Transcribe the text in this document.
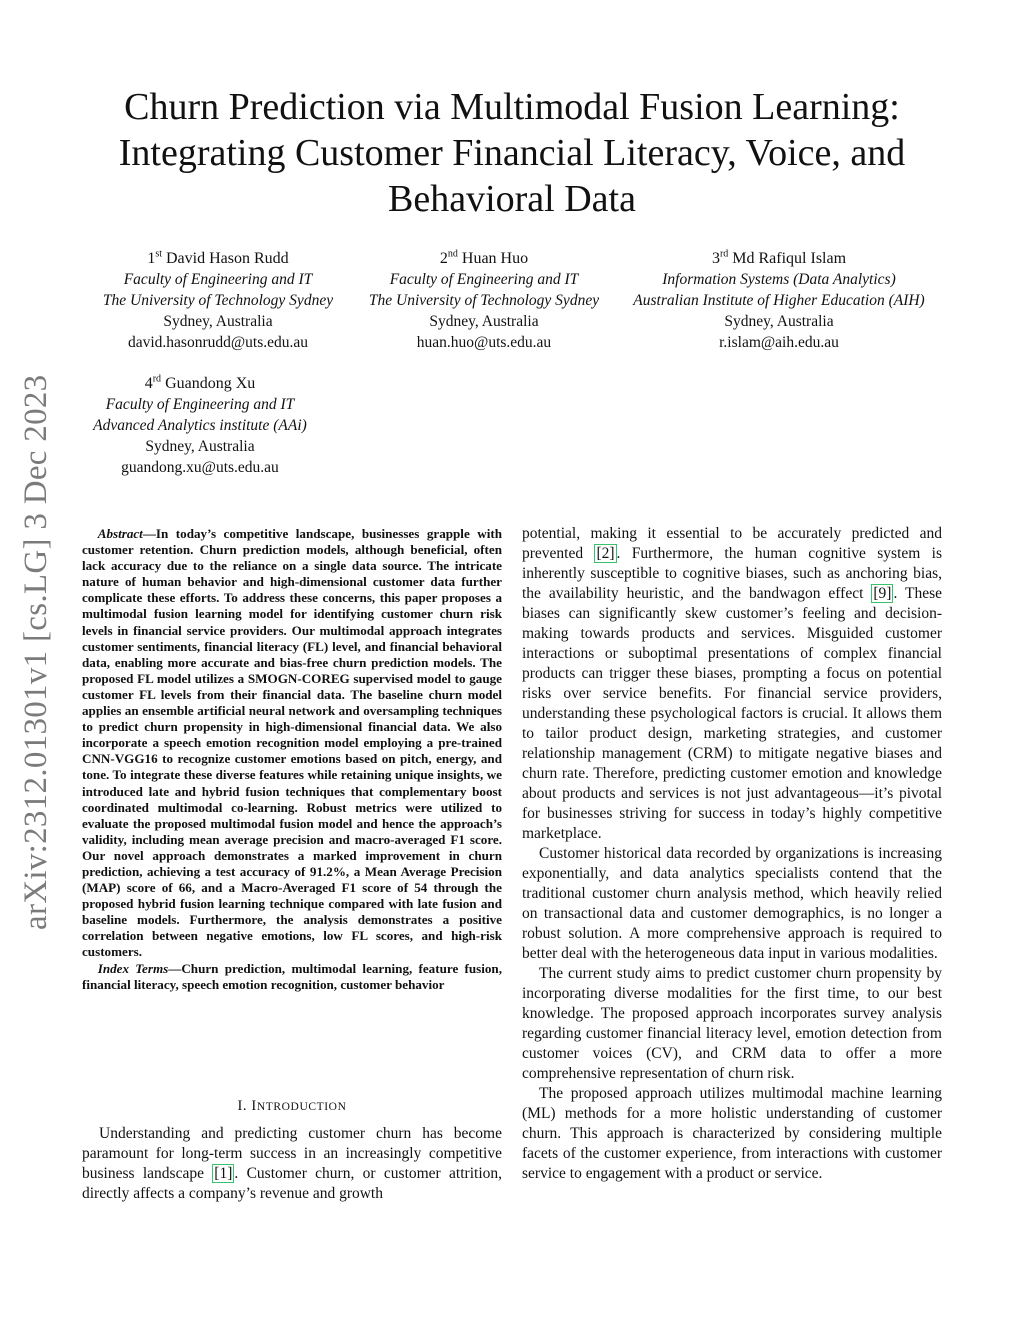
arXiv:2312.01301v1 [cs.LG] 3 Dec 2023
Churn Prediction via Multimodal Fusion Learning:
Integrating Customer Financial Literacy, Voice, and
Behavioral Data
1st David Hason Rudd
Faculty of Engineering and IT
The University of Technology Sydney
Sydney, Australia
david.hasonrudd@uts.edu.au
2nd Huan Huo
Faculty of Engineering and IT
The University of Technology Sydney
Sydney, Australia
huan.huo@uts.edu.au
3rd Md Rafiqul Islam
Information Systems (Data Analytics)
Australian Institute of Higher Education (AIH)
Sydney, Australia
r.islam@aih.edu.au
4rd Guandong Xu
Faculty of Engineering and IT
Advanced Analytics institute (AAi)
Sydney, Australia
guandong.xu@uts.edu.au

Abstract—In today’s competitive landscape, businesses grapple with customer retention. Churn prediction models, although beneficial, often lack accuracy due to the reliance on a single data source. The intricate nature of human behavior and high-dimensional customer data further complicate these efforts. To address these concerns, this paper proposes a multimodal fusion learning model for identifying customer churn risk levels in financial service providers. Our multimodal approach integrates customer sentiments, financial literacy (FL) level, and financial behavioral data, enabling more accurate and bias-free churn prediction models. The proposed FL model utilizes a SMOGN-COREG supervised model to gauge customer FL levels from their financial data. The baseline churn model applies an ensemble artificial neural network and oversampling techniques to predict churn propensity in high-dimensional financial data. We also incorporate a speech emotion recognition model employing a pre-trained CNN-VGG16 to recognize customer emotions based on pitch, energy, and tone. To integrate these diverse features while retaining unique insights, we introduced late and hybrid fusion techniques that complementary boost coordinated multimodal co-learning. Robust metrics were utilized to evaluate the proposed multimodal fusion model and hence the approach’s validity, including mean average precision and macro-averaged F1 score. Our novel approach demonstrates a marked improvement in churn prediction, achieving a test accuracy of 91.2%, a Mean Average Precision (MAP) score of 66, and a Macro-Averaged F1 score of 54 through the proposed hybrid fusion learning technique compared with late fusion and baseline models. Furthermore, the analysis demonstrates a positive correlation between negative emotions, low FL scores, and high-risk customers.

Index Terms—Churn prediction, multimodal learning, feature fusion, financial literacy, speech emotion recognition, customer behavior

I. INTRODUCTION

Understanding and predicting customer churn has become paramount for long-term success in an increasingly competitive business landscape [1] . Customer churn, or customer attrition, directly affects a company’s revenue and growth

potential, making it essential to be accurately predicted and prevented [2] . Furthermore, the human cognitive system is inherently susceptible to cognitive biases, such as anchoring bias, the availability heuristic, and the bandwagon effect [9] . These biases can significantly skew customer’s feeling and decision-making towards products and services. Misguided customer interactions or suboptimal presentations of complex financial products can trigger these biases, prompting a focus on potential risks over service benefits. For financial service providers, understanding these psychological factors is crucial. It allows them to tailor product design, marketing strategies, and customer relationship management (CRM) to mitigate negative biases and churn rate. Therefore, predicting customer emotion and knowledge about products and services is not just advantageous—it’s pivotal for businesses striving for success in today’s highly competitive marketplace.

Customer historical data recorded by organizations is increasing exponentially, and data analytics specialists contend that the traditional customer churn analysis method, which heavily relied on transactional data and customer demographics, is no longer a robust solution. A more comprehensive approach is required to better deal with the heterogeneous data input in various modalities.

The current study aims to predict customer churn propensity by incorporating diverse modalities for the first time, to our best knowledge. The proposed approach incorporates survey analysis regarding customer financial literacy level, emotion detection from customer voices (CV), and CRM data to offer a more comprehensive representation of churn risk.

The proposed approach utilizes multimodal machine learning (ML) methods for a more holistic understanding of customer churn. This approach is characterized by considering multiple facets of the customer experience, from interactions with customer service to engagement with a product or service.
